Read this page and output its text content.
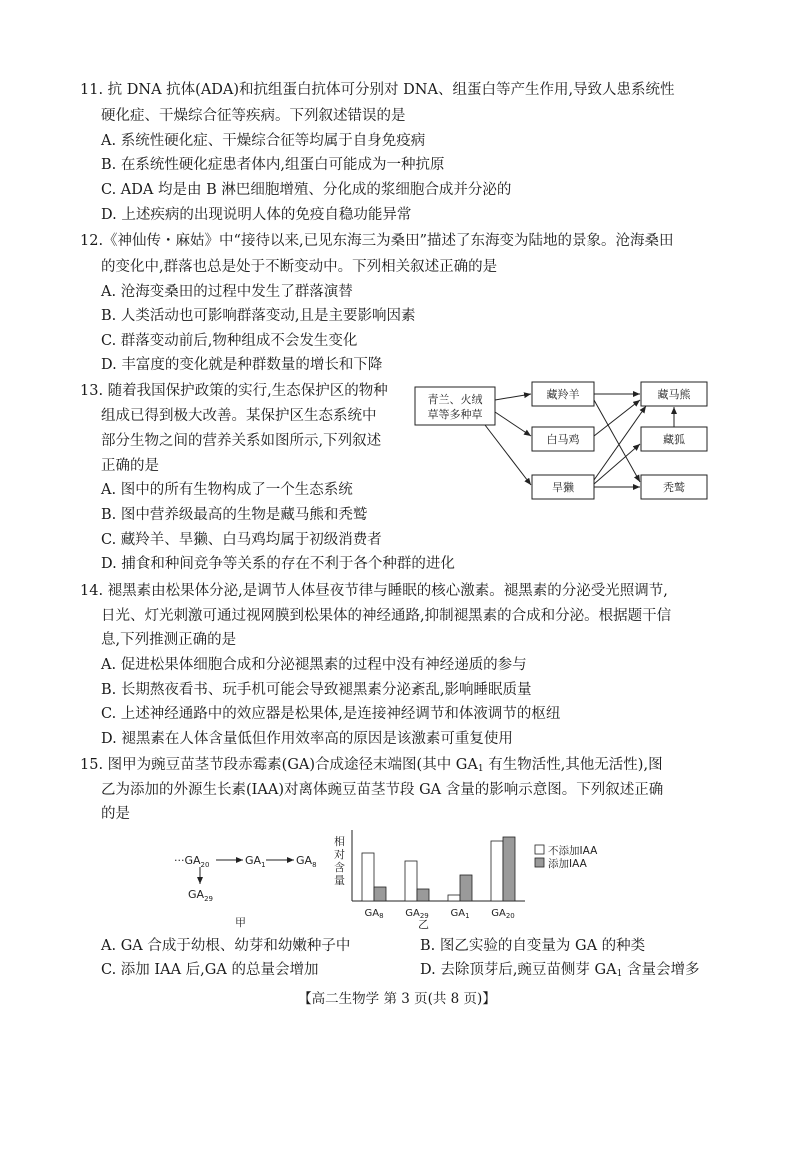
11. 抗 DNA 抗体(ADA)和抗组蛋白抗体可分别对 DNA、组蛋白等产生作用,导致人患系统性
硬化症、干燥综合征等疾病。下列叙述错误的是
A. 系统性硬化症、干燥综合征等均属于自身免疫病
B. 在系统性硬化症患者体内,组蛋白可能成为一种抗原
C. ADA 均是由 B 淋巴细胞增殖、分化成的浆细胞合成并分泌的
D. 上述疾病的出现说明人体的免疫自稳功能异常
12.《神仙传・麻姑》中“接待以来,已见东海三为桑田”描述了东海变为陆地的景象。沧海桑田
的变化中,群落也总是处于不断变动中。下列相关叙述正确的是
A. 沧海变桑田的过程中发生了群落演替
B. 人类活动也可影响群落变动,且是主要影响因素
C. 群落变动前后,物种组成不会发生变化
D. 丰富度的变化就是种群数量的增长和下降
13. 随着我国保护政策的实行,生态保护区的物种
组成已得到极大改善。某保护区生态系统中
部分生物之间的营养关系如图所示,下列叙述
正确的是
A. 图中的所有生物构成了一个生态系统
B. 图中营养级最高的生物是藏马熊和秃鹫
C. 藏羚羊、旱獭、白马鸡均属于初级消费者
D. 捕食和种间竞争等关系的存在不利于各个种群的进化
青兰、火绒
草等多种草
藏羚羊
白马鸡
旱獭
藏马熊
藏狐
秃鹫
14. 褪黑素由松果体分泌,是调节人体昼夜节律与睡眠的核心激素。褪黑素的分泌受光照调节,
日光、灯光刺激可通过视网膜到松果体的神经通路,抑制褪黑素的合成和分泌。根据题干信
息,下列推测正确的是
A. 促进松果体细胞合成和分泌褪黑素的过程中没有神经递质的参与
B. 长期熬夜看书、玩手机可能会导致褪黑素分泌紊乱,影响睡眠质量
C. 上述神经通路中的效应器是松果体,是连接神经调节和体液调节的枢纽
D. 褪黑素在人体含量低但作用效率高的原因是该激素可重复使用
15. 图甲为豌豆苗茎节段赤霉素(GA)合成途径末端图(其中 $GA_1$ 有生物活性,其他无活性),图
乙为添加的外源生长素(IAA)对离体豌豆苗茎节段 GA 含量的影响示意图。下列叙述正确
的是
$\cdot\cdot\cdot GA_{20}$	$GA_1$	$GA_8$
$GA_{29}$
甲
相
对
含
量
乙
$GA_8$ $GA_{29}$ $GA_1$ $GA_{20}$
不添加IAA
添加IAA
A. GA 合成于幼根、幼芽和幼嫩种子中	B. 图乙实验的自变量为 GA 的种类
C. 添加 IAA 后,GA 的总量会增加	D. 去除顶芽后,豌豆苗侧芽 $GA_1$ 含量会增多
【高二生物学 第 3 页(共 8 页)】
